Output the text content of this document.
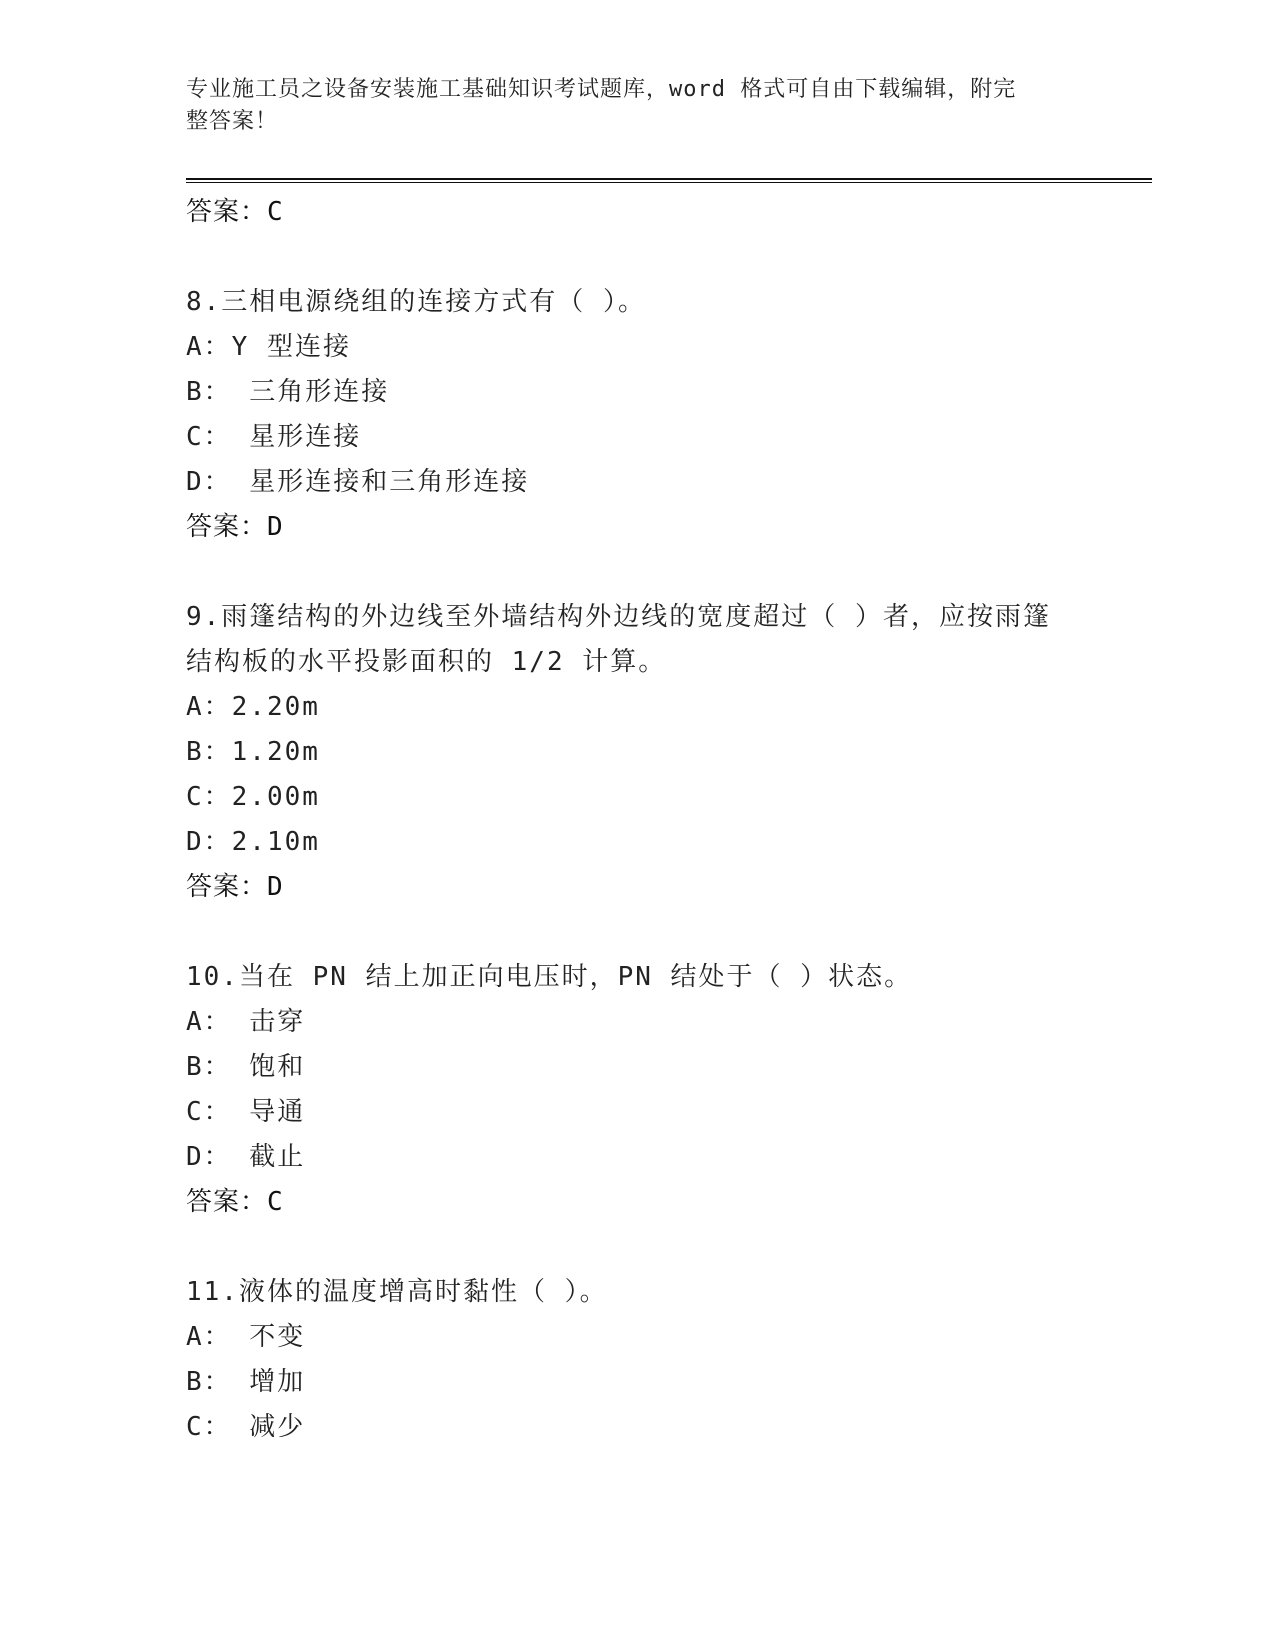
专业施工员之设备安装施工基础知识考试题库，word 格式可自由下载编辑，附完
整答案！
答案：C
8.三相电源绕组的连接方式有（ ）。
A：Y 型连接
B： 三角形连接
C： 星形连接
D： 星形连接和三角形连接
答案：D
9.雨篷结构的外边线至外墙结构外边线的宽度超过（ ）者，应按雨篷
结构板的水平投影面积的 1/2 计算。
A：2.20m
B：1.20m
C：2.00m
D：2.10m
答案：D
10.当在 PN 结上加正向电压时，PN 结处于（ ）状态。
A： 击穿
B： 饱和
C： 导通
D： 截止
答案：C
11.液体的温度增高时黏性（ ）。
A： 不变
B： 增加
C： 减少
